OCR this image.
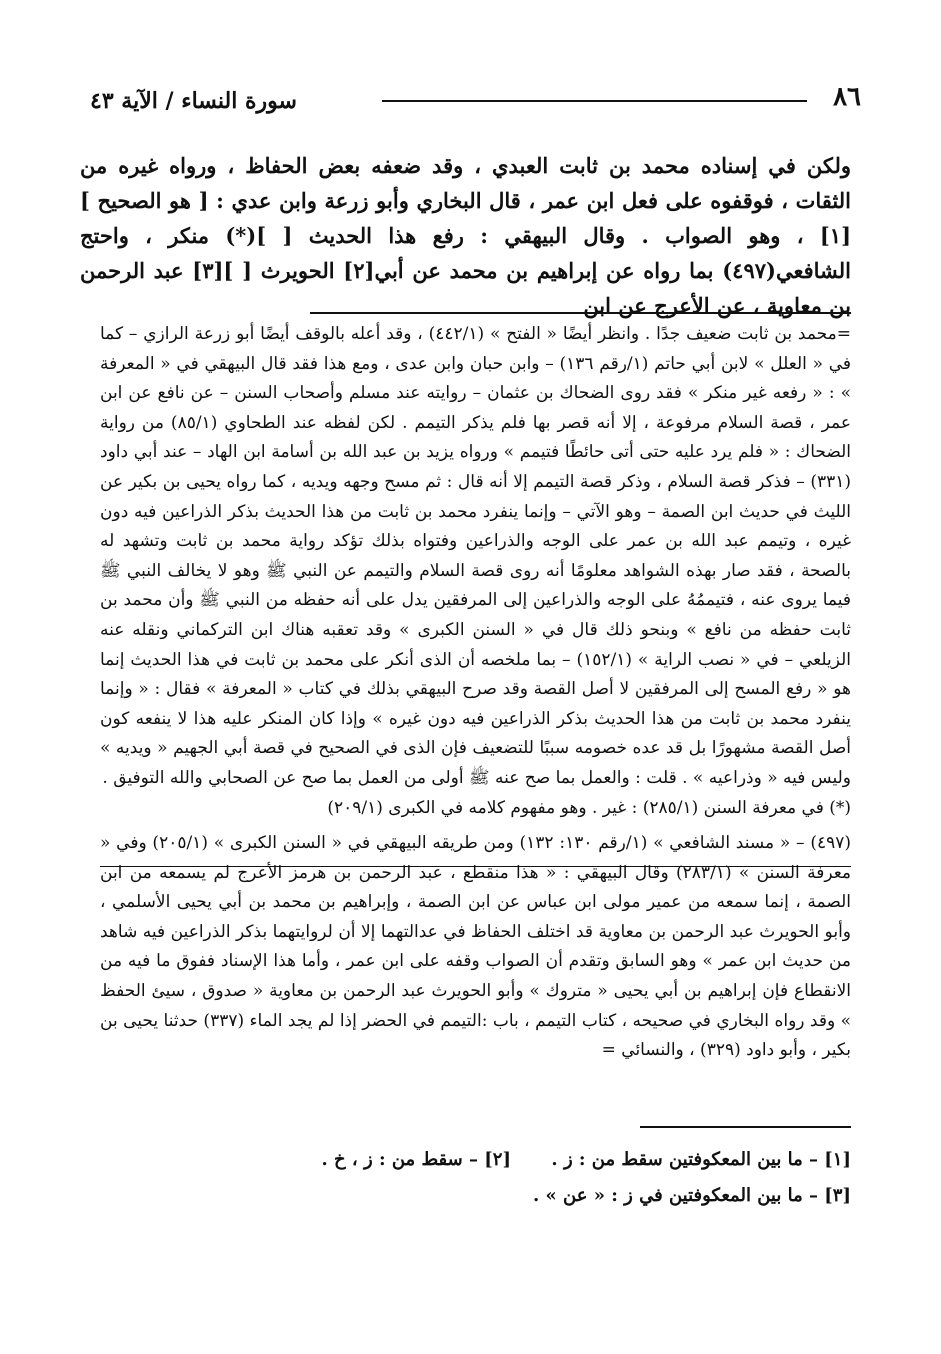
٨٦
سورة النساء / الآية ٤٣

ولكن في إسناده محمد بن ثابت العبدي ، وقد ضعفه بعض الحفاظ ، ورواه غيره من الثقات ، فوقفوه على فعل ابن عمر ، قال البخاري وأبو زرعة وابن عدي : [ هو الصحيح ][١] ، وهو الصواب . وقال البيهقي : رفع هذا الحديث [ ](*) منكر ، واحتج الشافعي(٤٩٧) بما رواه عن إبراهيم بن محمد عن أبي[٢] الحويرث [ ][٣] عبد الرحمن بن معاوية ، عن الأعرج عن ابن

=محمد بن ثابت ضعيف جدًا . وانظر أيضًا « الفتح » (٤٤٢/١) ، وقد أعله بالوقف أيضًا أبو زرعة الرازي – كما في « العلل » لابن أبي حاتم (١/رقم ١٣٦) – وابن حبان وابن عدى ، ومع هذا فقد قال البيهقي في « المعرفة » : « رفعه غير منكر » فقد روى الضحاك بن عثمان – روايته عند مسلم وأصحاب السنن – عن نافع عن ابن عمر ، قصة السلام مرفوعة ، إلا أنه قصر بها فلم يذكر التيمم . لكن لفظه عند الطحاوي (٨٥/١) من رواية الضحاك : « فلم يرد عليه حتى أتى حائطًا فتيمم » ورواه يزيد بن عبد الله بن أسامة ابن الهاد – عند أبي داود (٣٣١) – فذكر قصة السلام ، وذكر قصة التيمم إلا أنه قال : ثم مسح وجهه ويديه ، كما رواه يحيى بن بكير عن الليث في حديث ابن الصمة – وهو الآتي – وإنما ينفرد محمد بن ثابت من هذا الحديث بذكر الذراعين فيه دون غيره ، وتيمم عبد الله بن عمر على الوجه والذراعين وفتواه بذلك تؤكد رواية محمد بن ثابت وتشهد له بالصحة ، فقد صار بهذه الشواهد معلومًا أنه روى قصة السلام والتيمم عن النبي ﷺ وهو لا يخالف النبي ﷺ فيما يروى عنه ، فتيممُهُ على الوجه والذراعين إلى المرفقين يدل على أنه حفظه من النبي ﷺ وأن محمد بن ثابت حفظه من نافع » وبنحو ذلك قال في « السنن الكبرى » وقد تعقبه هناك ابن التركماني ونقله عنه الزيلعي – في « نصب الراية » (١٥٢/١) – بما ملخصه أن الذى أنكر على محمد بن ثابت في هذا الحديث إنما هو « رفع المسح إلى المرفقين لا أصل القصة وقد صرح البيهقي بذلك في كتاب « المعرفة » فقال : « وإنما ينفرد محمد بن ثابت من هذا الحديث بذكر الذراعين فيه دون غيره » وإذا كان المنكر عليه هذا لا ينفعه كون أصل القصة مشهورًا بل قد عده خصومه سببًا للتضعيف فإن الذى في الصحيح في قصة أبي الجهيم « ويديه » وليس فيه « وذراعيه » . قلت : والعمل بما صح عنه ﷺ أولى من العمل بما صح عن الصحابي والله التوفيق .

(*) في معرفة السنن (٢٨٥/١) : غير . وهو مفهوم كلامه في الكبرى (٢٠٩/١)

(٤٩٧) – « مسند الشافعي » (١/رقم ١٣٠: ١٣٢) ومن طريقه البيهقي في « السنن الكبرى » (٢٠٥/١) وفي « معرفة السنن » (٢٨٣/١) وقال البيهقي : « هذا منقطع ، عبد الرحمن بن هرمز الأعرج لم يسمعه من ابن الصمة ، إنما سمعه من عمير مولى ابن عباس عن ابن الصمة ، وإبراهيم بن محمد بن أبي يحيى الأسلمي ، وأبو الحويرث عبد الرحمن بن معاوية قد اختلف الحفاظ في عدالتهما إلا أن لروايتهما بذكر الذراعين فيه شاهد من حديث ابن عمر » وهو السابق وتقدم أن الصواب وقفه على ابن عمر ، وأما هذا الإسناد ففوق ما فيه من الانقطاع فإن إبراهيم بن أبي يحيى « متروك » وأبو الحويرث عبد الرحمن بن معاوية « صدوق ، سيئ الحفظ » وقد رواه البخاري في صحيحه ، كتاب التيمم ، باب :التيمم في الحضر إذا لم يجد الماء (٣٣٧) حدثنا يحيى بن بكير ، وأبو داود (٣٢٩) ، والنسائي =

[١] – ما بين المعكوفتين سقط من : ز .
[٢] – سقط من : ز ، خ .
[٣] – ما بين المعكوفتين في ز : « عن » .
